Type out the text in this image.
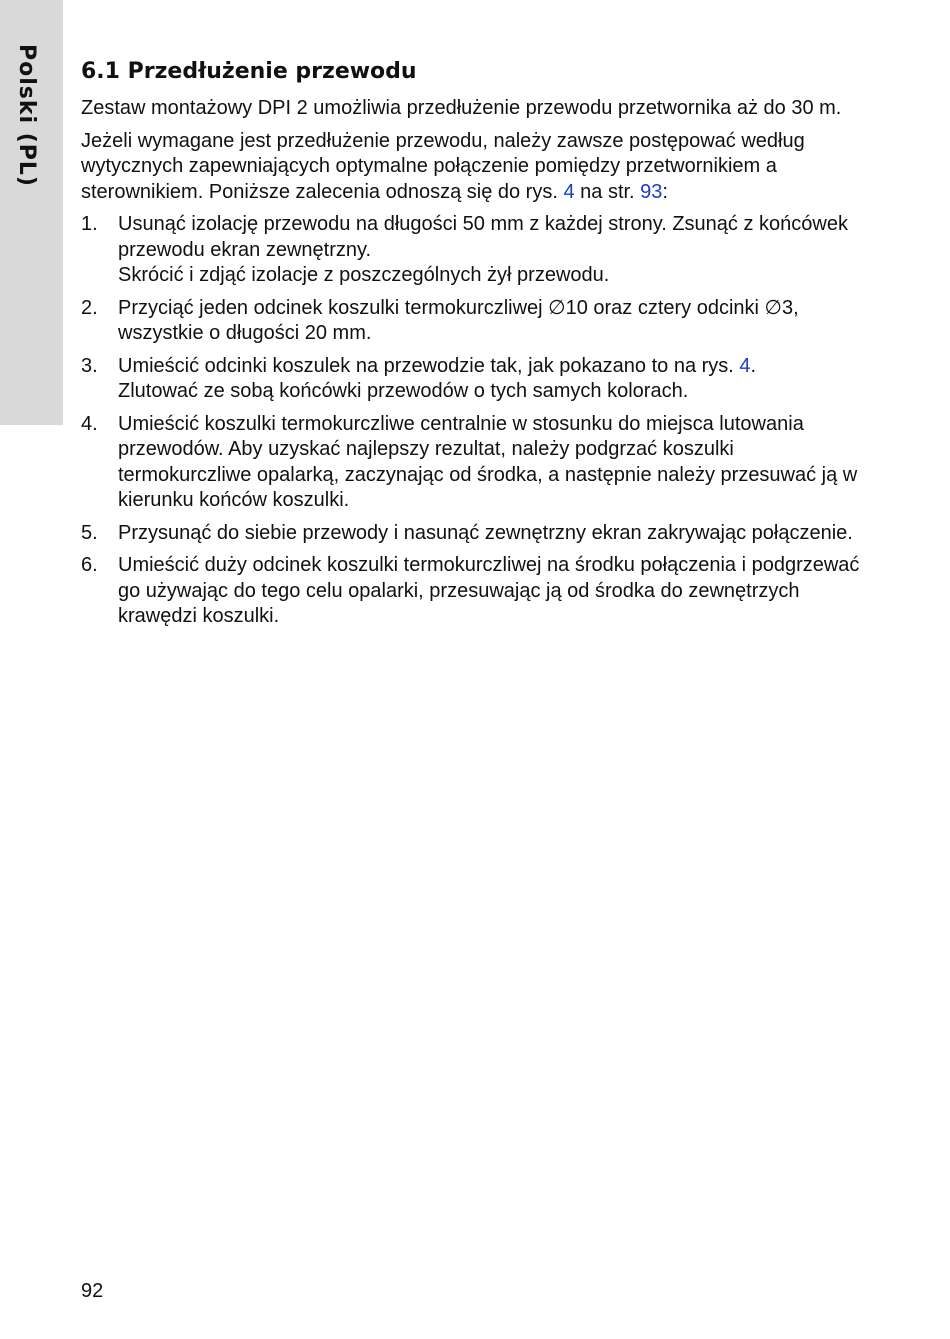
Polski (PL) 6.1 Przedłużenie przewodu

Zestaw montażowy DPI 2 umożliwia przedłużenie przewodu przetwornika aż do 30 m.

Jeżeli wymagane jest przedłużenie przewodu, należy zawsze postępować według wytycznych zapewniających optymalne połączenie pomiędzy przetwornikiem a sterownikiem. Poniższe zalecenia odnoszą się do rys. 4 na str. 93:

1. Usunąć izolację przewodu na długości 50 mm z każdej strony. Zsunąć z końcówek przewodu ekran zewnętrzny.
Skrócić i zdjąć izolacje z poszczególnych żył przewodu.
2. Przyciąć jeden odcinek koszulki termokurczliwej ∅10 oraz cztery odcinki ∅3, wszystkie o długości 20 mm.
3. Umieścić odcinki koszulek na przewodzie tak, jak pokazano to na rys. 4.
Zlutować ze sobą końcówki przewodów o tych samych kolorach.
4. Umieścić koszulki termokurczliwe centralnie w stosunku do miejsca lutowania przewodów. Aby uzyskać najlepszy rezultat, należy podgrzać koszulki termokurczliwe opalarką, zaczynając od środka, a następnie należy przesuwać ją w kierunku końców koszulki.
5. Przysunąć do siebie przewody i nasunąć zewnętrzny ekran zakrywając połączenie.
6. Umieścić duży odcinek koszulki termokurczliwej na środku połączenia i podgrzewać go używając do tego celu opalarki, przesuwając ją od środka do zewnętrzych krawędzi koszulki.
92
